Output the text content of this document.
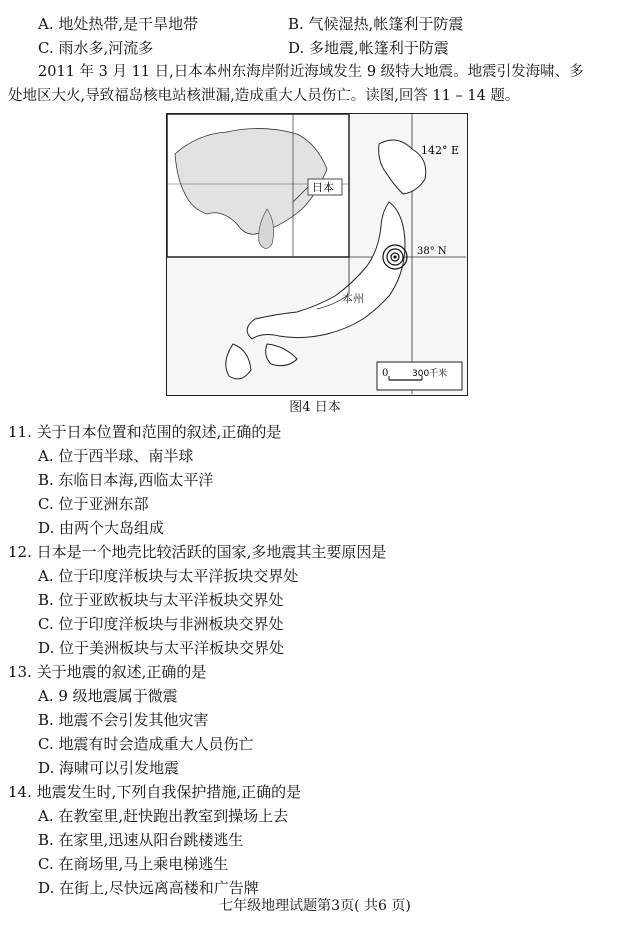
A. 地处热带,是干旱地带	B. 气候湿热,帐篷利于防震
C. 雨水多,河流多	D. 多地震,帐篷利于防震
2011 年 3 月 11 日,日本本州东海岸附近海域发生 9 级特大地震。地震引发海啸、多
处地区大火,导致福岛核电站核泄漏,造成重大人员伤亡。读图,回答 11 – 14 题。
日本
142° E
38° N
本州
0	300千米
图4 日本
11. 关于日本位置和范围的叙述,正确的是
A. 位于西半球、南半球
B. 东临日本海,西临太平洋
C. 位于亚洲东部
D. 由两个大岛组成
12. 日本是一个地壳比较活跃的国家,多地震其主要原因是
A. 位于印度洋板块与太平洋扳块交界处
B. 位于亚欧板块与太平洋板块交界处
C. 位于印度洋板块与非洲板块交界处
D. 位于美洲板块与太平洋板块交界处
13. 关于地震的叙述,正确的是
A. 9 级地震属于微震
B. 地震不会引发其他灾害
C. 地震有时会造成重大人员伤亡
D. 海啸可以引发地震
14. 地震发生时,下列自我保护措施,正确的是
A. 在教室里,赶快跑出教室到操场上去
B. 在家里,迅速从阳台跳楼逃生
C. 在商场里,马上乘电梯逃生
D. 在街上,尽快远离高楼和广告牌
七年级地理试题第3页( 共6 页)
